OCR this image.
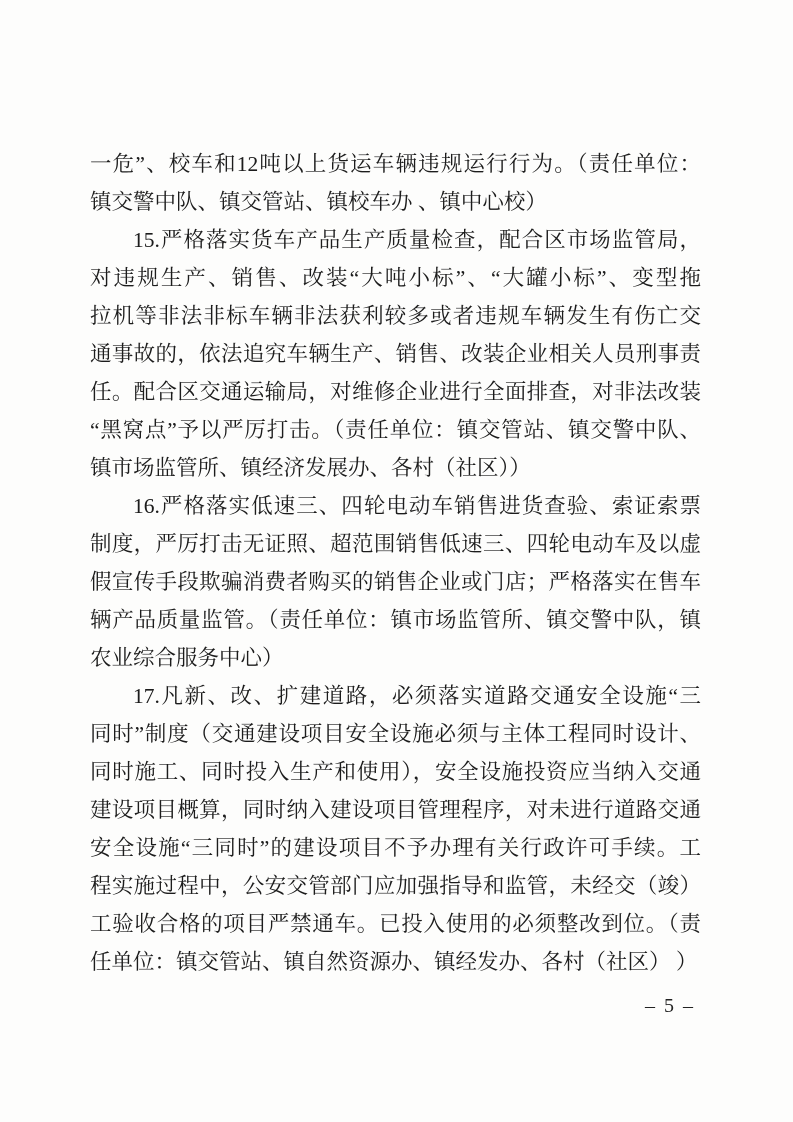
一危”、校车和12吨以上货运车辆违规运行行为。（责任单位：
镇交警中队、镇交管站、镇校车办 、镇中心校）
15.严格落实货车产品生产质量检查，配合区市场监管局，
对违规生产、销售、改装“大吨小标”、“大罐小标”、变型拖
拉机等非法非标车辆非法获利较多或者违规车辆发生有伤亡交
通事故的，依法追究车辆生产、销售、改装企业相关人员刑事责
任。配合区交通运输局，对维修企业进行全面排查，对非法改装
“黑窝点”予以严厉打击。（责任单位：镇交管站、镇交警中队、
镇市场监管所、镇经济发展办、各村（社区））
16.严格落实低速三、四轮电动车销售进货查验、索证索票
制度，严厉打击无证照、超范围销售低速三、四轮电动车及以虚
假宣传手段欺骗消费者购买的销售企业或门店；严格落实在售车
辆产品质量监管。（责任单位：镇市场监管所、镇交警中队，镇
农业综合服务中心）
17.凡新、改、扩建道路，必须落实道路交通安全设施“三
同时”制度（交通建设项目安全设施必须与主体工程同时设计、
同时施工、同时投入生产和使用），安全设施投资应当纳入交通
建设项目概算，同时纳入建设项目管理程序，对未进行道路交通
安全设施“三同时”的建设项目不予办理有关行政许可手续。工
程实施过程中，公安交管部门应加强指导和监管，未经交（竣）
工验收合格的项目严禁通车。已投入使用的必须整改到位。（责
任单位：镇交管站、镇自然资源办、镇经发办、各村（社区） ）
– 5 –
